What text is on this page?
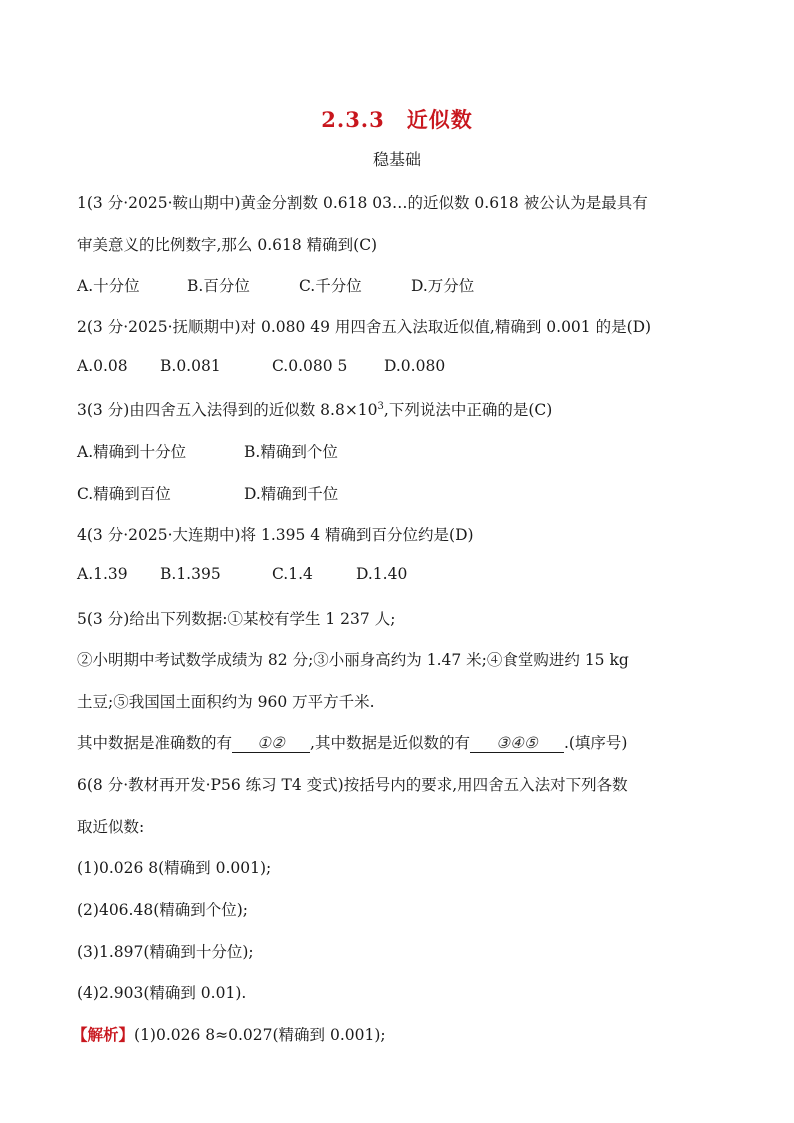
2.3.3 近似数
稳基础
1(3 分·2025·鞍山期中)黄金分割数 0.618 03…的近似数 0.618 被公认为是最具有
审美意义的比例数字,那么 0.618 精确到(C)
A.十分位	B.百分位	C.千分位	D.万分位
2(3 分·2025·抚顺期中)对 0.080 49 用四舍五入法取近似值,精确到 0.001 的是(D)
A.0.08 B.0.081	C.0.080 5 D.0.080
3(3 分)由四舍五入法得到的近似数 $8.8\times 10^3$,下列说法中正确的是(C)
A.精确到十分位	B.精确到个位
C.精确到百位	D.精确到千位
4(3 分·2025·大连期中)将 1.395 4 精确到百分位约是(D)
A.1.39 B.1.395	C.1.4	D.1.40
5(3 分)给出下列数据:①某校有学生 1 237 人;
②小明期中考试数学成绩为 82 分;③小丽身高约为 1.47 米;④食堂购进约 15 kg
土豆;⑤我国国土面积约为 960 万平方千米.
其中数据是准确数的有 ①② ,其中数据是近似数的有 ③④⑤ .(填序号)
6(8 分·教材再开发·P56 练习 T4 变式)按括号内的要求,用四舍五入法对下列各数
取近似数:
(1)0.026 8(精确到 0.001);
(2)406.48(精确到个位);
(3)1.897(精确到十分位);
(4)2.903(精确到 0.01).
【解析】(1)0.026 8≈0.027(精确到 0.001);
